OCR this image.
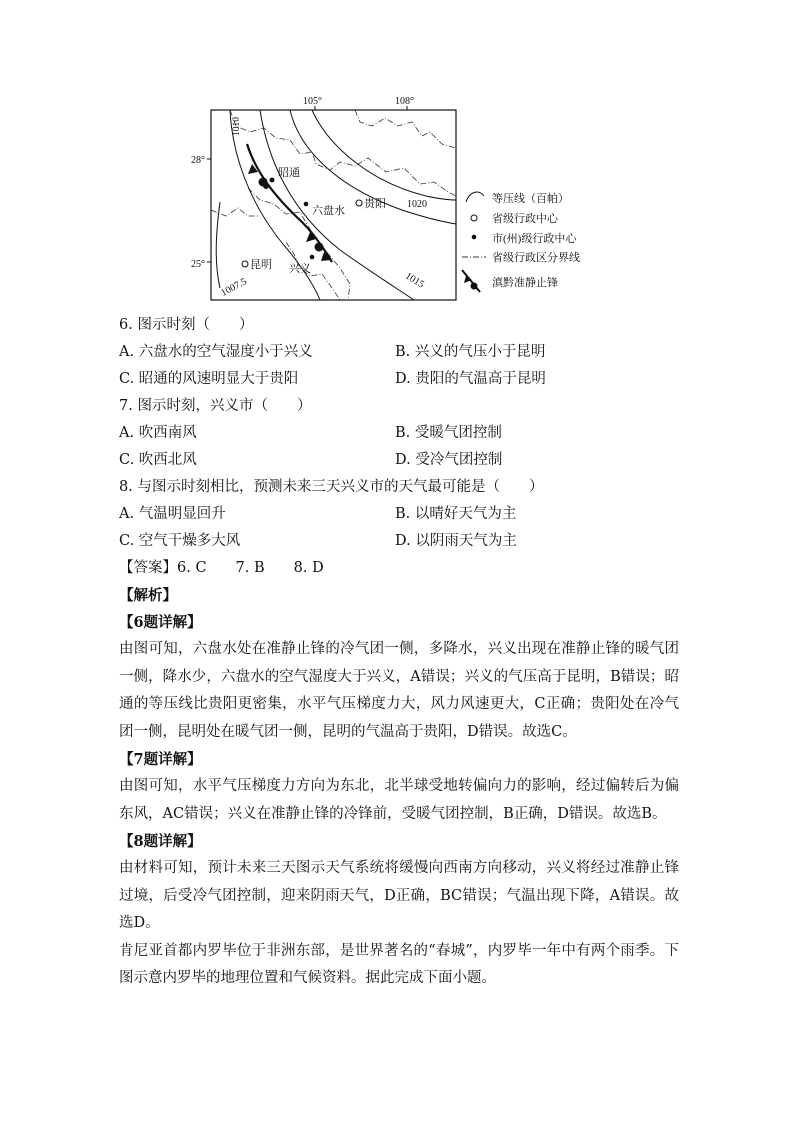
105°	108°
28°
25°
1010
1020
1015
1007.5
昭通
六盘水
贵阳
昆明 兴义
等压线（百帕）
省级行政中心
市(州)级行政中心
省级行政区分界线
滇黔准静止锋
6. 图示时刻（　　）
A. 六盘水的空气湿度小于兴义	B. 兴义的气压小于昆明
C. 昭通的风速明显大于贵阳	D. 贵阳的气温高于昆明
7. 图示时刻，兴义市（　　）
A. 吹西南风	B. 受暖气团控制
C. 吹西北风	D. 受冷气团控制
8. 与图示时刻相比，预测未来三天兴义市的天气最可能是（　　）
A. 气温明显回升	B. 以晴好天气为主
C. 空气干燥多大风	D. 以阴雨天气为主
【答案】6. C　　7. B　　8. D
【解析】
【6题详解】

由图可知，六盘水处在准静止锋的冷气团一侧，多降水，兴义出现在准静止锋的暖气团一侧，降水少，六盘水的空气湿度大于兴义，A错误；兴义的气压高于昆明，B错误；昭通的等压线比贵阳更密集，水平气压梯度力大，风力风速更大，C正确；贵阳处在冷气团一侧，昆明处在暖气团一侧，昆明的气温高于贵阳，D错误。故选C。

【7题详解】

由图可知，水平气压梯度力方向为东北，北半球受地转偏向力的影响，经过偏转后为偏东风，AC错误；兴义在准静止锋的冷锋前，受暖气团控制，B正确，D错误。故选B。

【8题详解】

由材料可知，预计未来三天图示天气系统将缓慢向西南方向移动，兴义将经过准静止锋过境，后受冷气团控制，迎来阴雨天气，D正确，BC错误；气温出现下降，A错误。故选D。

肯尼亚首都内罗毕位于非洲东部，是世界著名的“春城”，内罗毕一年中有两个雨季。下图示意内罗毕的地理位置和气候资料。据此完成下面小题。
